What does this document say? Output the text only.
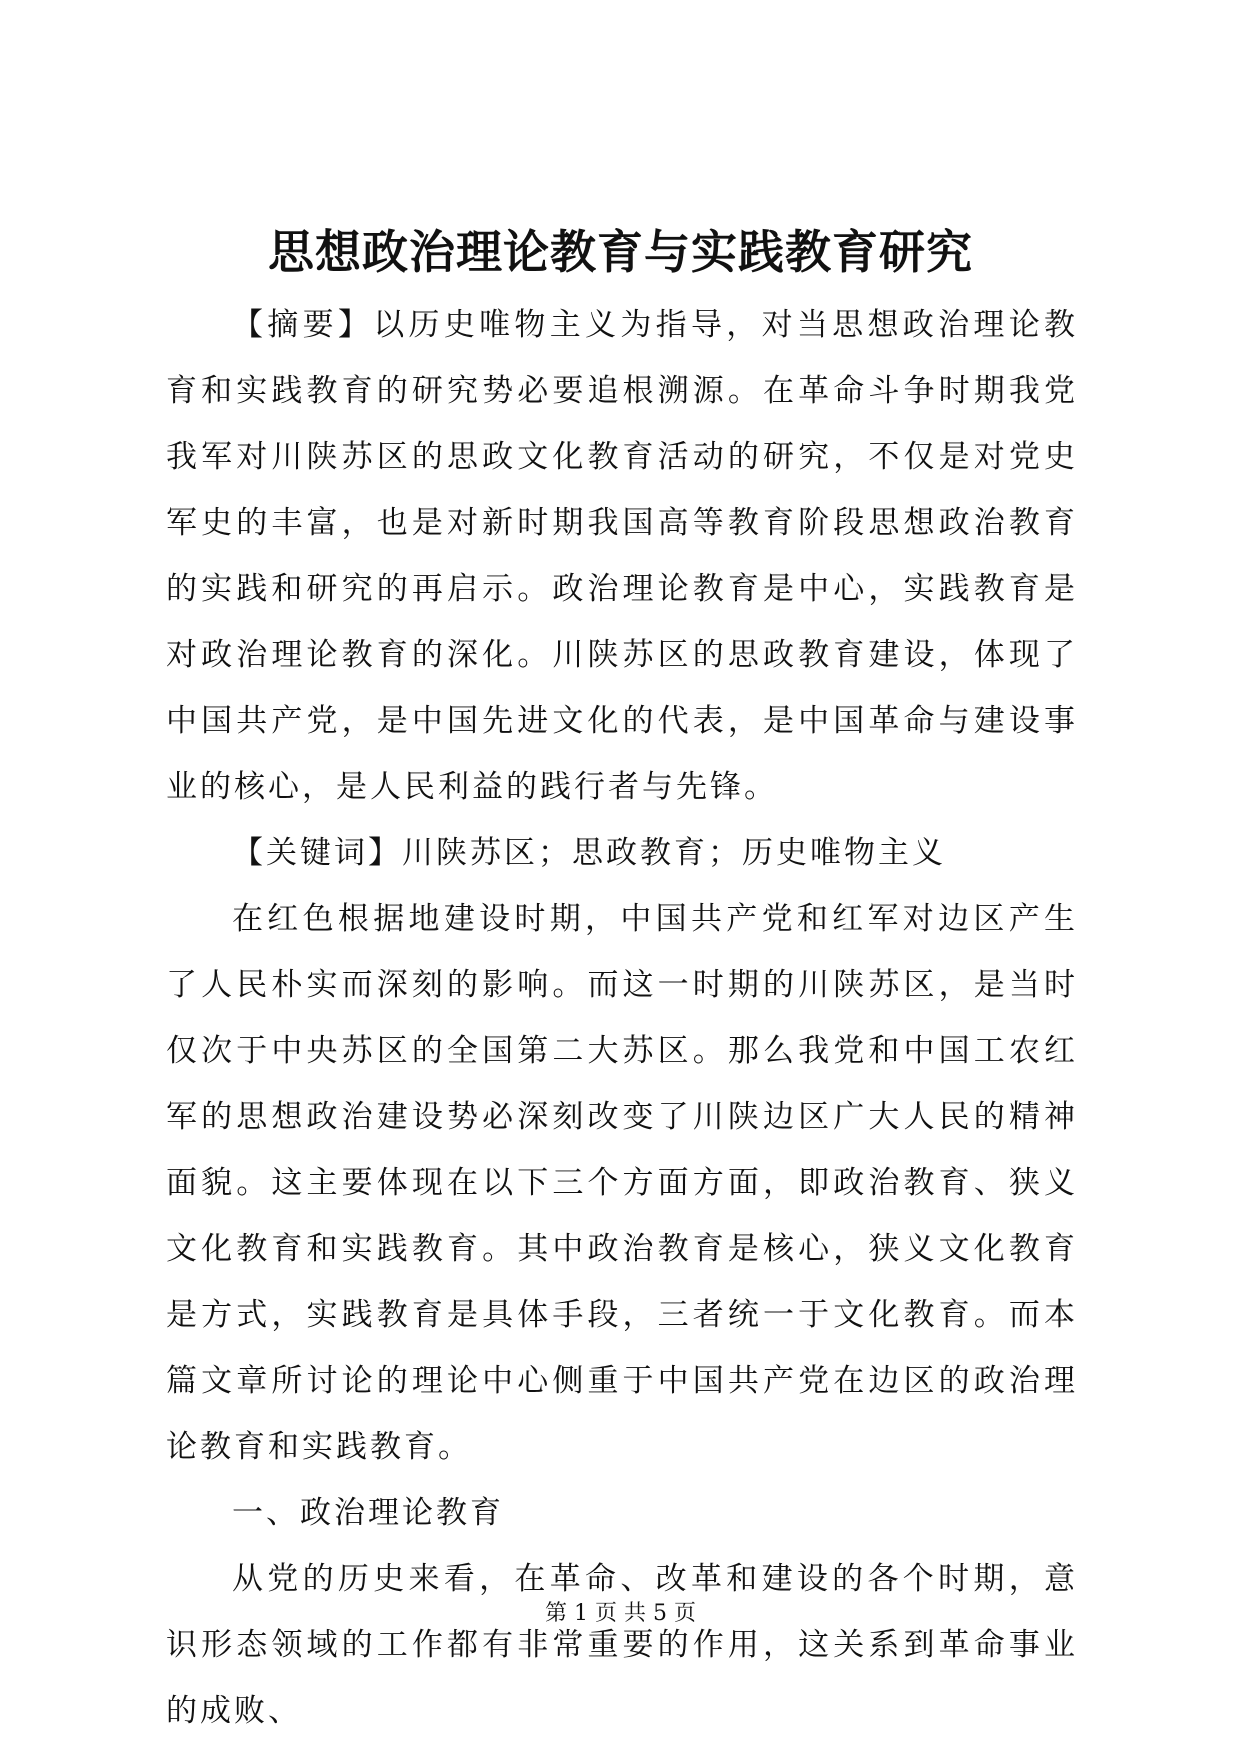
思想政治理论教育与实践教育研究

【摘要】以历史唯物主义为指导，对当思想政治理论教育和实践教育的研究势必要追根溯源。在革命斗争时期我党我军对川陕苏区的思政文化教育活动的研究，不仅是对党史军史的丰富，也是对新时期我国高等教育阶段思想政治教育的实践和研究的再启示。政治理论教育是中心，实践教育是对政治理论教育的深化。川陕苏区的思政教育建设，体现了中国共产党，是中国先进文化的代表，是中国革命与建设事业的核心，是人民利益的践行者与先锋。

【关键词】川陕苏区；思政教育；历史唯物主义

在红色根据地建设时期，中国共产党和红军对边区产生了人民朴实而深刻的影响。而这一时期的川陕苏区，是当时仅次于中央苏区的全国第二大苏区。那么我党和中国工农红军的思想政治建设势必深刻改变了川陕边区广大人民的精神面貌。这主要体现在以下三个方面方面，即政治教育、狭义文化教育和实践教育。其中政治教育是核心，狭义文化教育是方式，实践教育是具体手段，三者统一于文化教育。而本篇文章所讨论的理论中心侧重于中国共产党在边区的政治理论教育和实践教育。

一、政治理论教育

从党的历史来看，在革命、改革和建设的各个时期，意识形态领域的工作都有非常重要的作用，这关系到革命事业的成败、

第 1 页 共 5 页
